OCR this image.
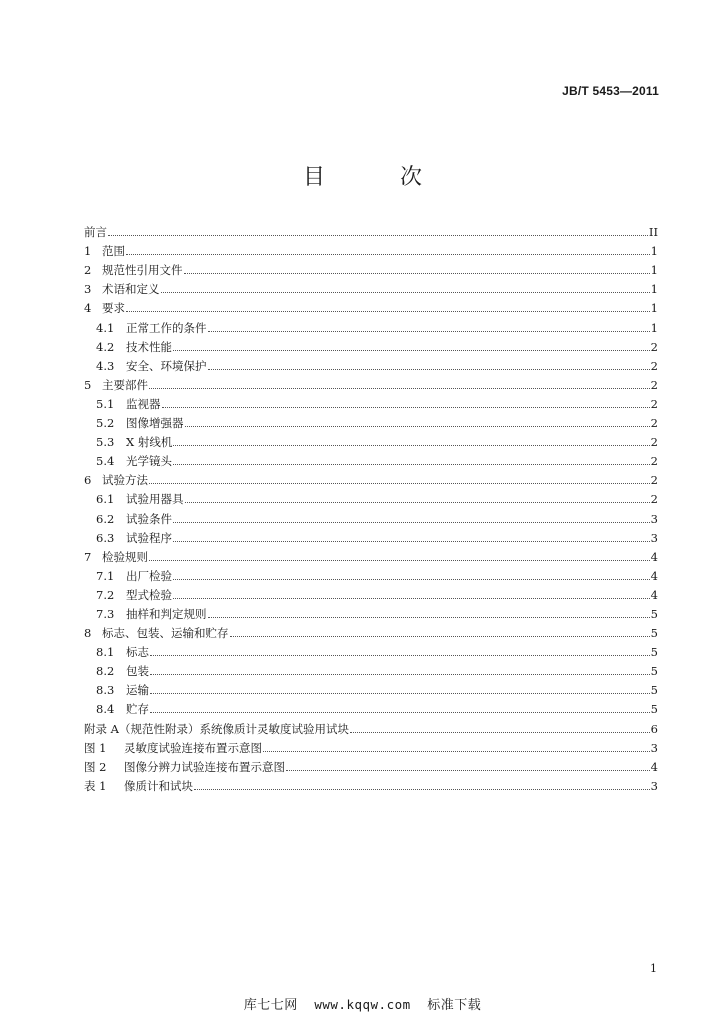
JB/T 5453—2011
目 次
前言	II
1 范围	1
2 规范性引用文件	1
3 术语和定义	1
4 要求	1
4.1	正常工作的条件	1
4.2	技术性能	2
4.3	安全、环境保护	2
5 主要部件	2
5.1	监视器	2
5.2	图像增强器	2
5.3	X 射线机	2
5.4	光学镜头	2
6 试验方法	2
6.1	试验用器具	2
6.2	试验条件	3
6.3	试验程序	3
7 检验规则	4
7.1	出厂检验	4
7.2	型式检验	4
7.3	抽样和判定规则	5
8 标志、包装、运输和贮存	5
8.1	标志	5
8.2	包装	5
8.3	运输	5
8.4	贮存	5
附录 A（规范性附录）系统像质计灵敏度试验用试块	6
图 1	灵敏度试验连接布置示意图	3
图 2	图像分辨力试验连接布置示意图	4
表 1	像质计和试块	3
1
库七七网 www.kqqw.com 标准下载
